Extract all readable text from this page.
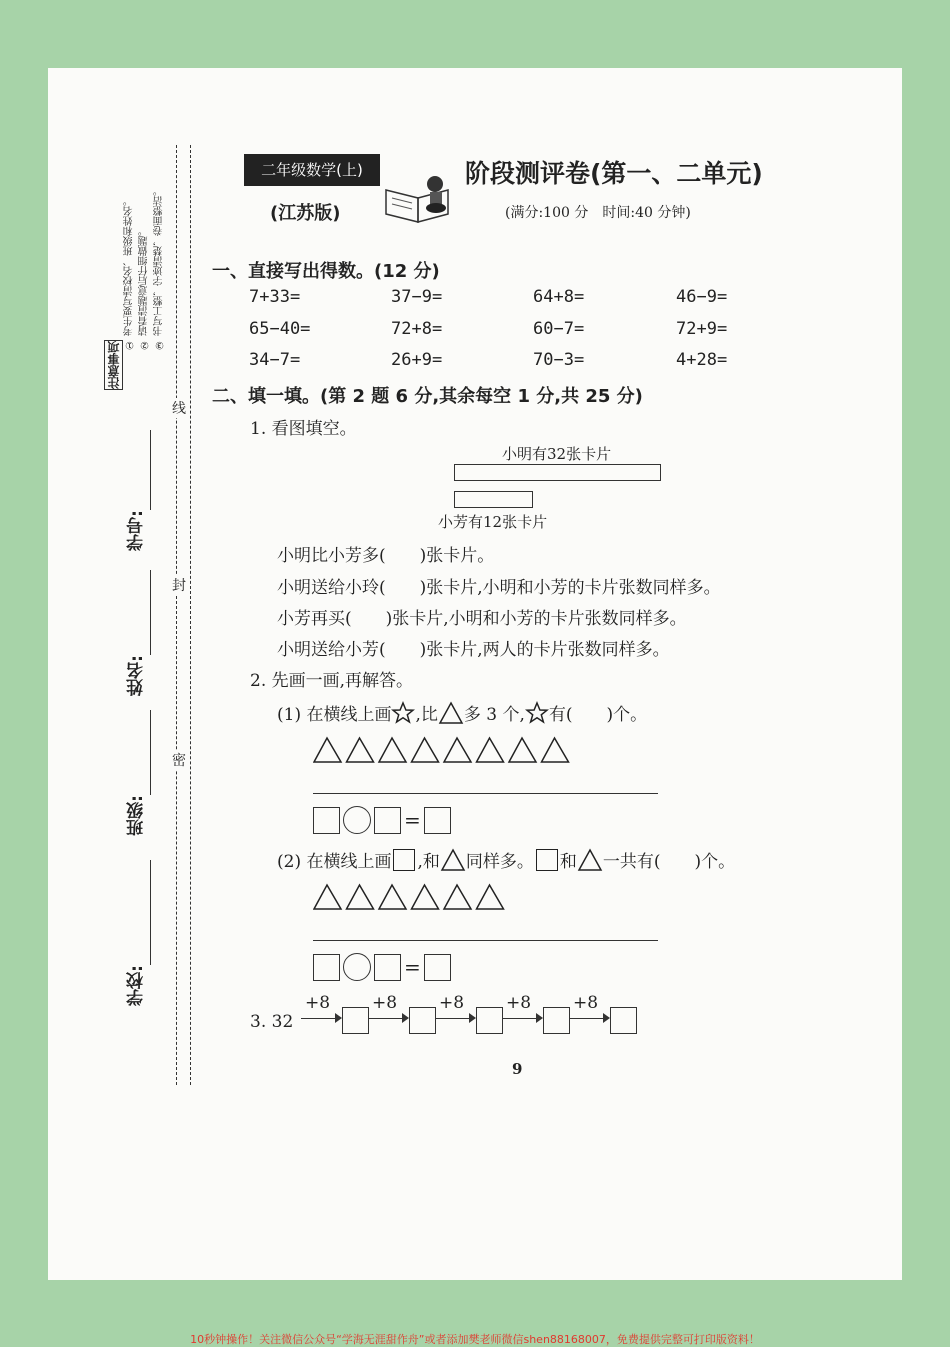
注意事项
① 考生要写清校名、班级和姓名。 ② 请看清题意后仔细做题。 ③ 书写工整，字迹清楚，卷面整洁。
学号:
姓名:
班级:
学校:
线
封
密
二年级数学(上)	阶段测评卷(第一、二单元)
(江苏版)	(满分:100 分　时间:40 分钟)
一、直接写出得数。(12 分)
7+33=	37−9=	64+8=	46−9=
65−40=	72+8=	60−7=	72+9=
34−7=	26+9=	70−3=	4+28=
二、填一填。(第 2 题 6 分,其余每空 1 分,共 25 分)
1. 看图填空。
小明有32张卡片
小芳有12张卡片
小明比小芳多(　　)张卡片。
小明送给小玲(　　)张卡片,小明和小芳的卡片张数同样多。
小芳再买(　　)张卡片,小明和小芳的卡片张数同样多。
小明送给小芳(　　)张卡片,两人的卡片张数同样多。
2. 先画一画,再解答。
(1) 在横线上画 ,比 多 3 个, 有(　　)个。
=
(2) 在横线上画 ,和 同样多。 和 一共有(　　)个。
=
3. 32
+8 +8 +8 +8 +8
9
10秒钟操作！关注微信公众号“学海无涯甜作舟”或者添加樊老师微信shen88168007，免费提供完整可打印版资料！
